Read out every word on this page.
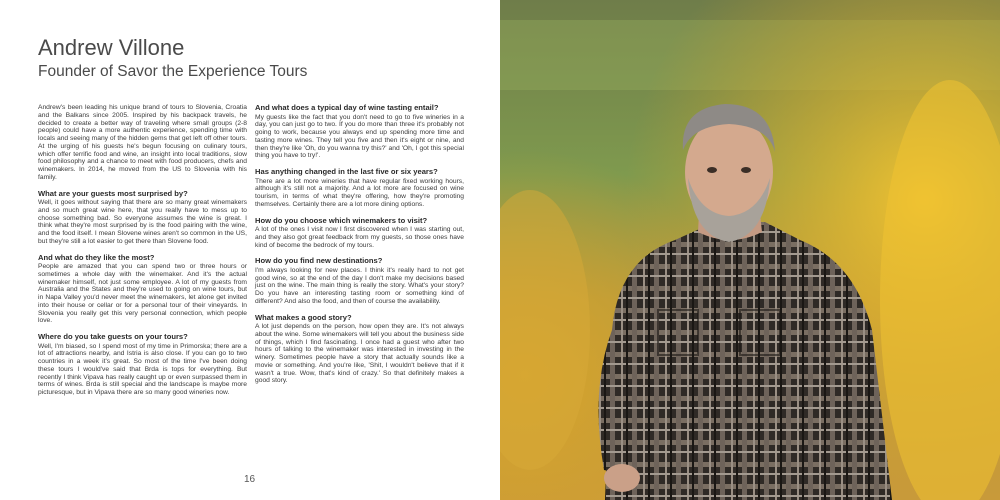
Andrew Villone
Founder of Savor the Experience Tours

Andrew's been leading his unique brand of tours to Slovenia, Croatia and the Balkans since 2005. Inspired by his backpack travels, he decided to create a better way of traveling where small groups (2-8 people) could have a more authentic experience, spending time with locals and seeing many of the hidden gems that get left off other tours. At the urging of his guests he's begun focusing on culinary tours, which offer terrific food and wine, an insight into local traditions, slow food philosophy and a chance to meet with food producers, chefs and winemakers. In 2014, he moved from the US to Slovenia with his family.

What are your guests most surprised by?

Well, it goes without saying that there are so many great winemakers and so much great wine here, that you really have to mess up to choose something bad. So everyone assumes the wine is great. I think what they're most surprised by is the food pairing with the wine, and the food itself. I mean Slovene wines aren't so common in the US, but they're still a lot easier to get there than Slovene food.

And what do they like the most?

People are amazed that you can spend two or three hours or sometimes a whole day with the winemaker. And it's the actual winemaker himself, not just some employee. A lot of my guests from Australia and the States and they're used to going on wine tours, but in Napa Valley you'd never meet the winemakers, let alone get invited into their house or cellar or for a personal tour of their vineyards. In Slovenia you really get this very personal connection, which people love.

Where do you take guests on your tours?

Well, I'm biased, so I spend most of my time in Primorska; there are a lot of attractions nearby, and Istria is also close. If you can go to two countries in a week it's great. So most of the time I've been doing these tours I would've said that Brda is tops for everything. But recently I think Vipava has really caught up or even surpassed them in terms of wines. Brda is still special and the landscape is maybe more picturesque, but in Vipava there are so many good wineries now.

And what does a typical day of wine tasting entail?

My guests like the fact that you don't need to go to five wineries in a day, you can just go to two. If you do more than three it's probably not going to work, because you always end up spending more time and tasting more wines. They tell you five and then it's eight or nine, and then they're like 'Oh, do you wanna try this?' and 'Oh, I got this special thing you have to try!'.

Has anything changed in the last five or six years?

There are a lot more wineries that have regular fixed working hours, although it's still not a majority. And a lot more are focused on wine tourism, in terms of what they're offering, how they're promoting themselves. Certainly there are a lot more dining options.

How do you choose which winemakers to visit?

A lot of the ones I visit now I first discovered when I was starting out, and they also got great feedback from my guests, so those ones have kind of become the bedrock of my tours.

How do you find new destinations?

I'm always looking for new places. I think it's really hard to not get good wine, so at the end of the day I don't make my decisions based just on the wine. The main thing is really the story. What's your story? Do you have an interesting tasting room or something kind of different? And also the food, and then of course the availability.

What makes a good story?

A lot just depends on the person, how open they are. It's not always about the wine. Some winemakers will tell you about the business side of things, which I find fascinating. I once had a guest who after two hours of talking to the winemaker was interested in investing in the winery. Sometimes people have a story that actually sounds like a movie or something. And you're like, 'Shit, I wouldn't believe that if it wasn't a true. Wow, that's kind of crazy.' So that definitely makes a good story.

16
